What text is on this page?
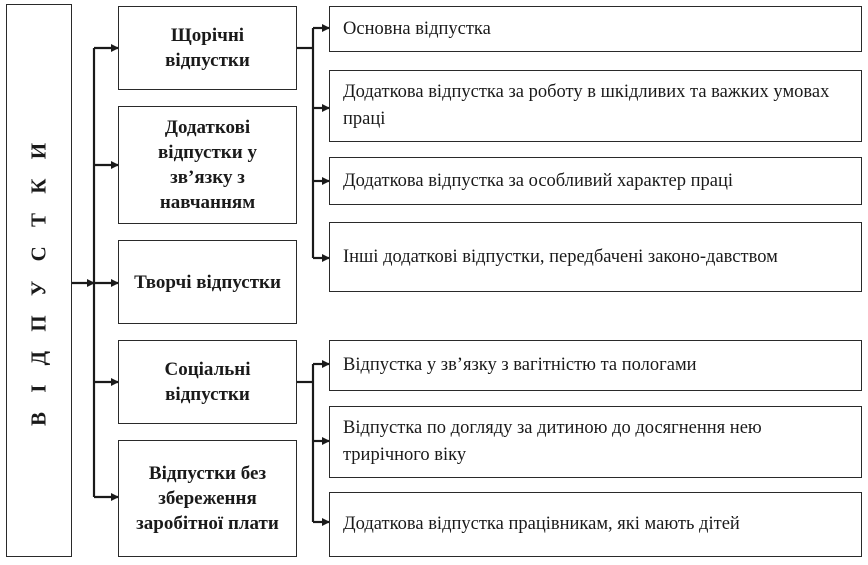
В І Д П У С Т К И
Щорічні відпустки
Додаткові відпустки у зв’язку з навчанням
Творчі відпустки
Соціальні відпустки
Відпустки без збереження заробітної плати
Основна відпустка
Додаткова відпустка за роботу в шкідливих та важких умовах праці
Додаткова відпустка за особливий характер праці
Інші додаткові відпустки, передбачені законо-давством
Відпустка у зв’язку з вагітністю та пологами
Відпустка по догляду за дитиною до досягнення нею трирічного віку
Додаткова відпустка працівникам, які мають дітей
